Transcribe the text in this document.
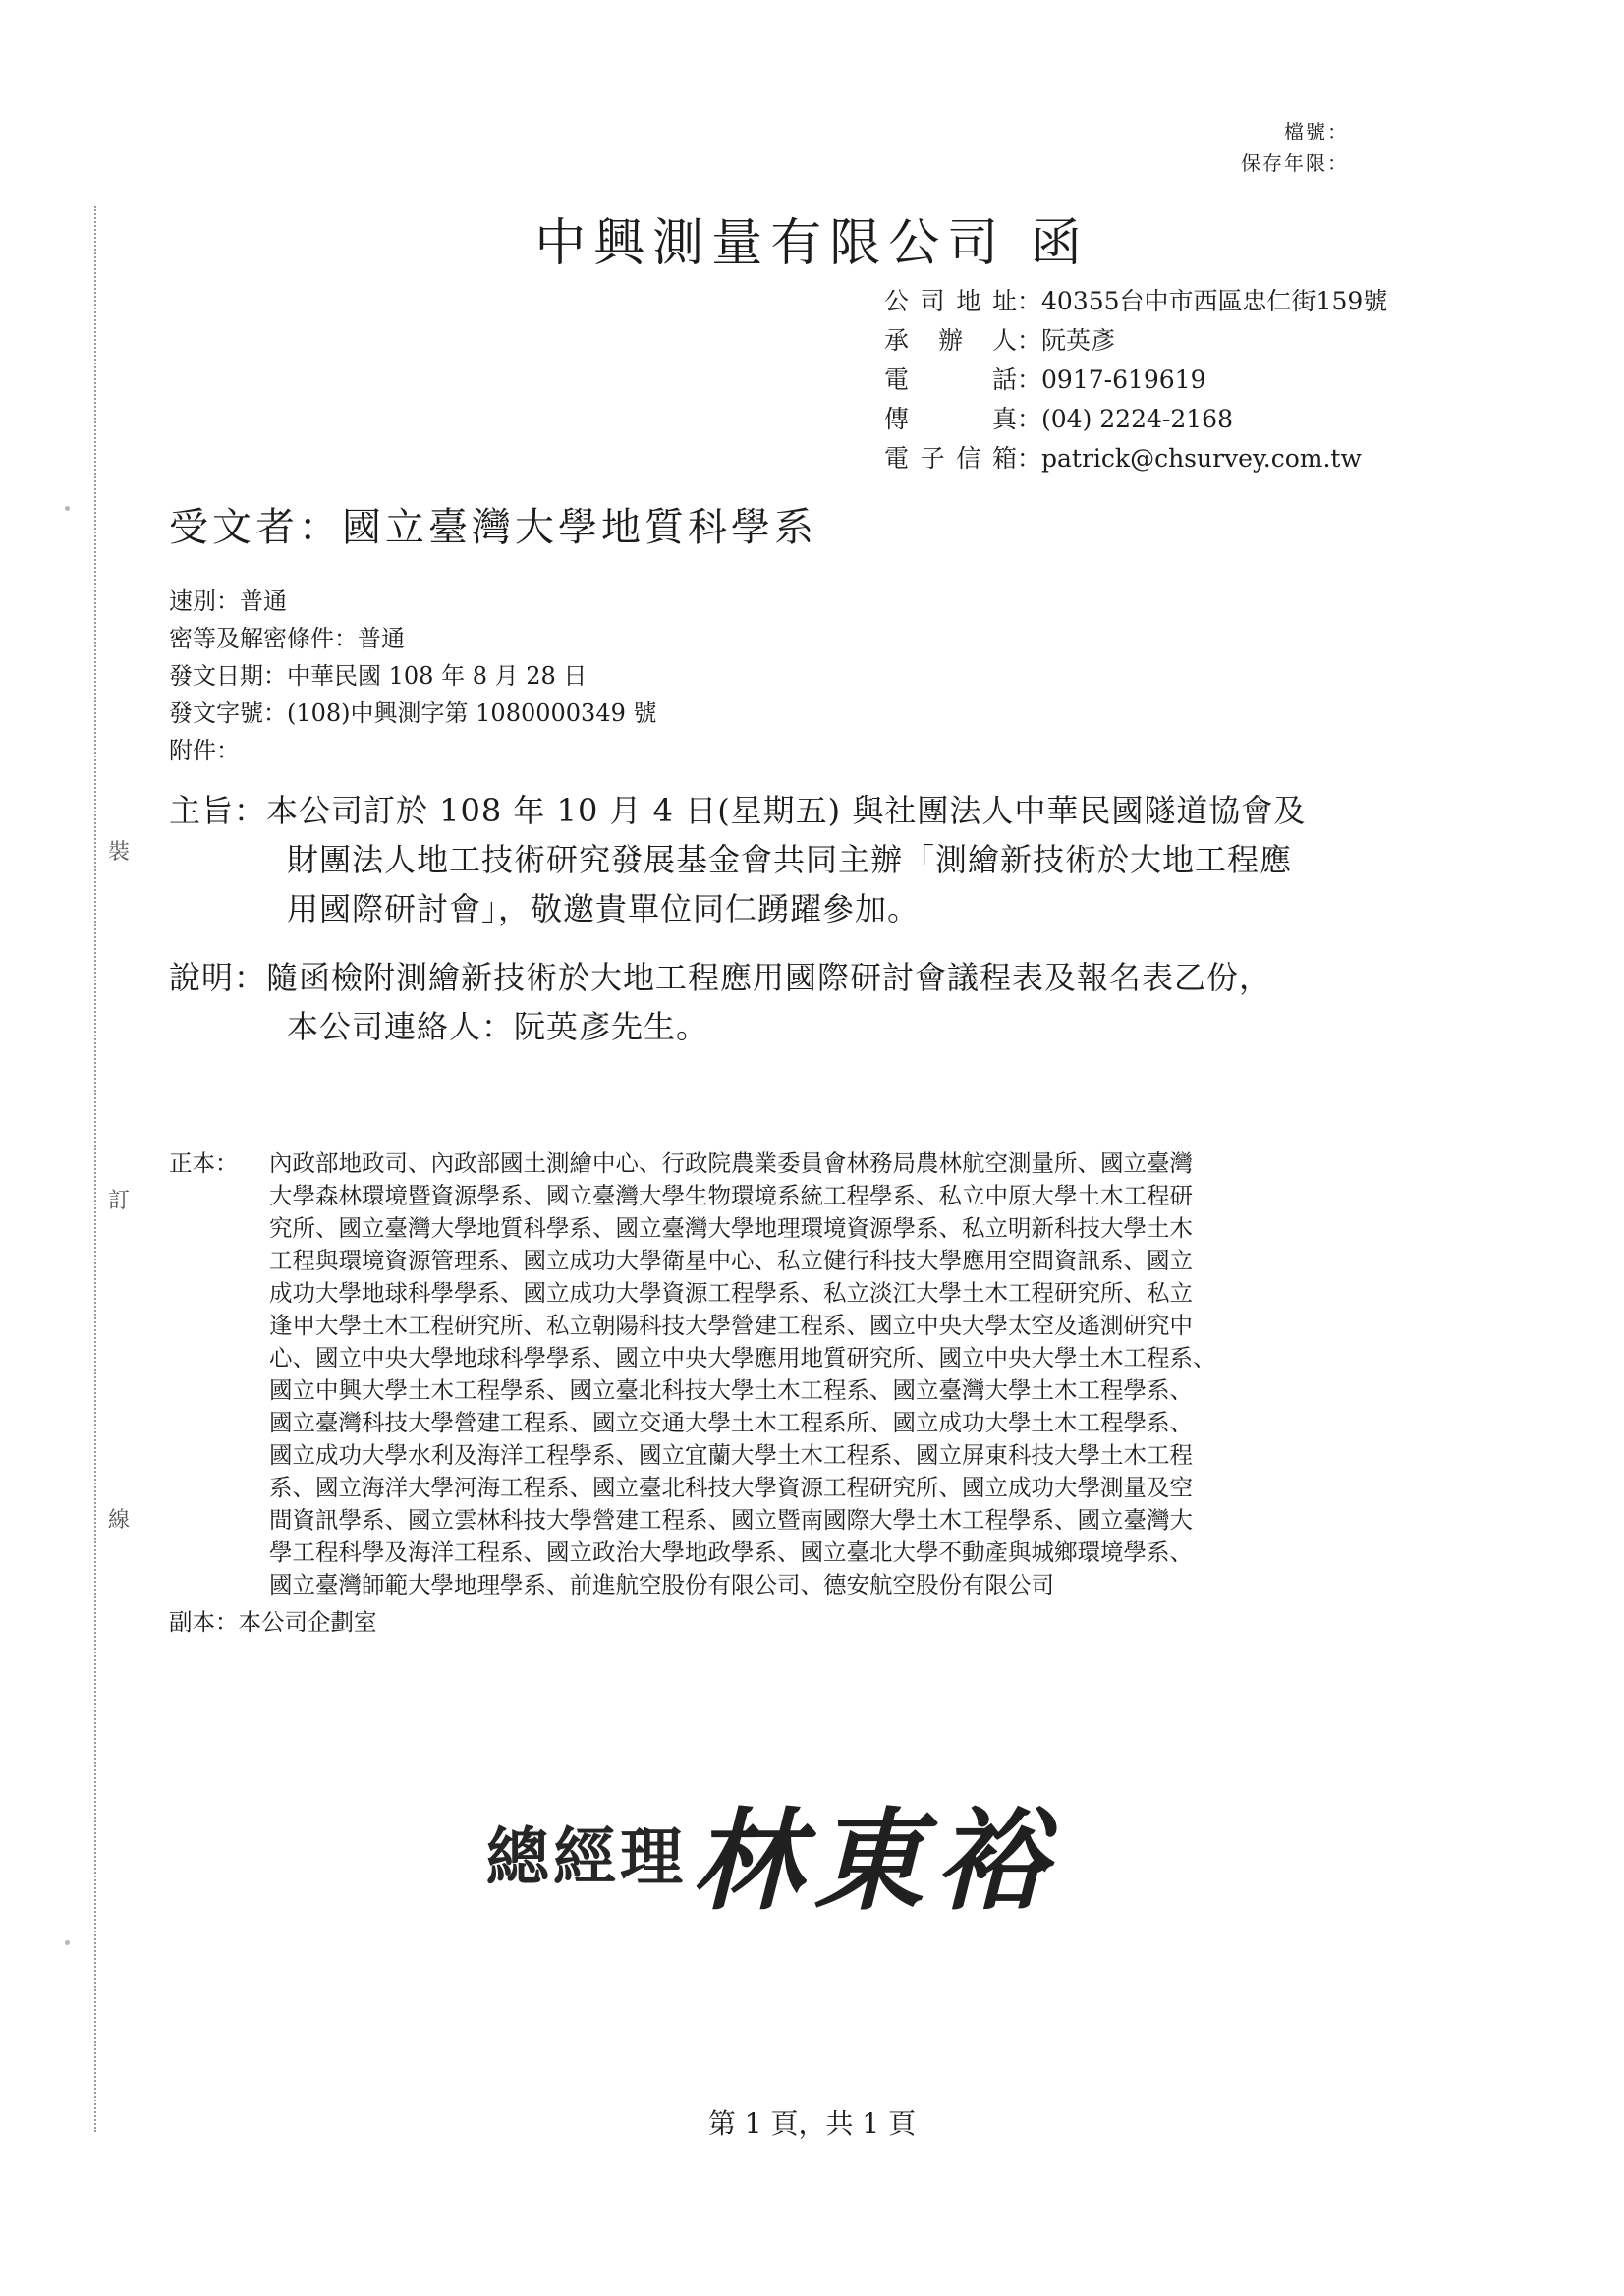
裝
訂
線
檔號：
保存年限：
中興測量有限公司 函
公司地址：40355台中市西區忠仁街159號
承辦人：阮英彥
電話：0917-619619
傳真：(04) 2224-2168
電子信箱：patrick@chsurvey.com.tw
受文者：國立臺灣大學地質科學系
速別：普通
密等及解密條件：普通
發文日期：中華民國 108 年 8 月 28 日
發文字號：(108)中興測字第 1080000349 號
附件：
主旨：本公司訂於 108 年 10 月 4 日(星期五) 與社團法人中華民國隧道協會及
財團法人地工技術研究發展基金會共同主辦「測繪新技術於大地工程應
用國際研討會」，敬邀貴單位同仁踴躍參加。
說明：隨函檢附測繪新技術於大地工程應用國際研討會議程表及報名表乙份，
本公司連絡人：阮英彥先生。
正本： 內政部地政司、內政部國土測繪中心、行政院農業委員會林務局農林航空測量所、國立臺灣
大學森林環境暨資源學系、國立臺灣大學生物環境系統工程學系、私立中原大學土木工程研
究所、國立臺灣大學地質科學系、國立臺灣大學地理環境資源學系、私立明新科技大學土木
工程與環境資源管理系、國立成功大學衛星中心、私立健行科技大學應用空間資訊系、國立
成功大學地球科學學系、國立成功大學資源工程學系、私立淡江大學土木工程研究所、私立
逢甲大學土木工程研究所、私立朝陽科技大學營建工程系、國立中央大學太空及遙測研究中
心、國立中央大學地球科學學系、國立中央大學應用地質研究所、國立中央大學土木工程系、
國立中興大學土木工程學系、國立臺北科技大學土木工程系、國立臺灣大學土木工程學系、
國立臺灣科技大學營建工程系、國立交通大學土木工程系所、國立成功大學土木工程學系、
國立成功大學水利及海洋工程學系、國立宜蘭大學土木工程系、國立屏東科技大學土木工程
系、國立海洋大學河海工程系、國立臺北科技大學資源工程研究所、國立成功大學測量及空
間資訊學系、國立雲林科技大學營建工程系、國立暨南國際大學土木工程學系、國立臺灣大
學工程科學及海洋工程系、國立政治大學地政學系、國立臺北大學不動產與城鄉環境學系、
國立臺灣師範大學地理學系、前進航空股份有限公司、德安航空股份有限公司
副本：本公司企劃室
總經理 林東裕
第 1 頁，共 1 頁
